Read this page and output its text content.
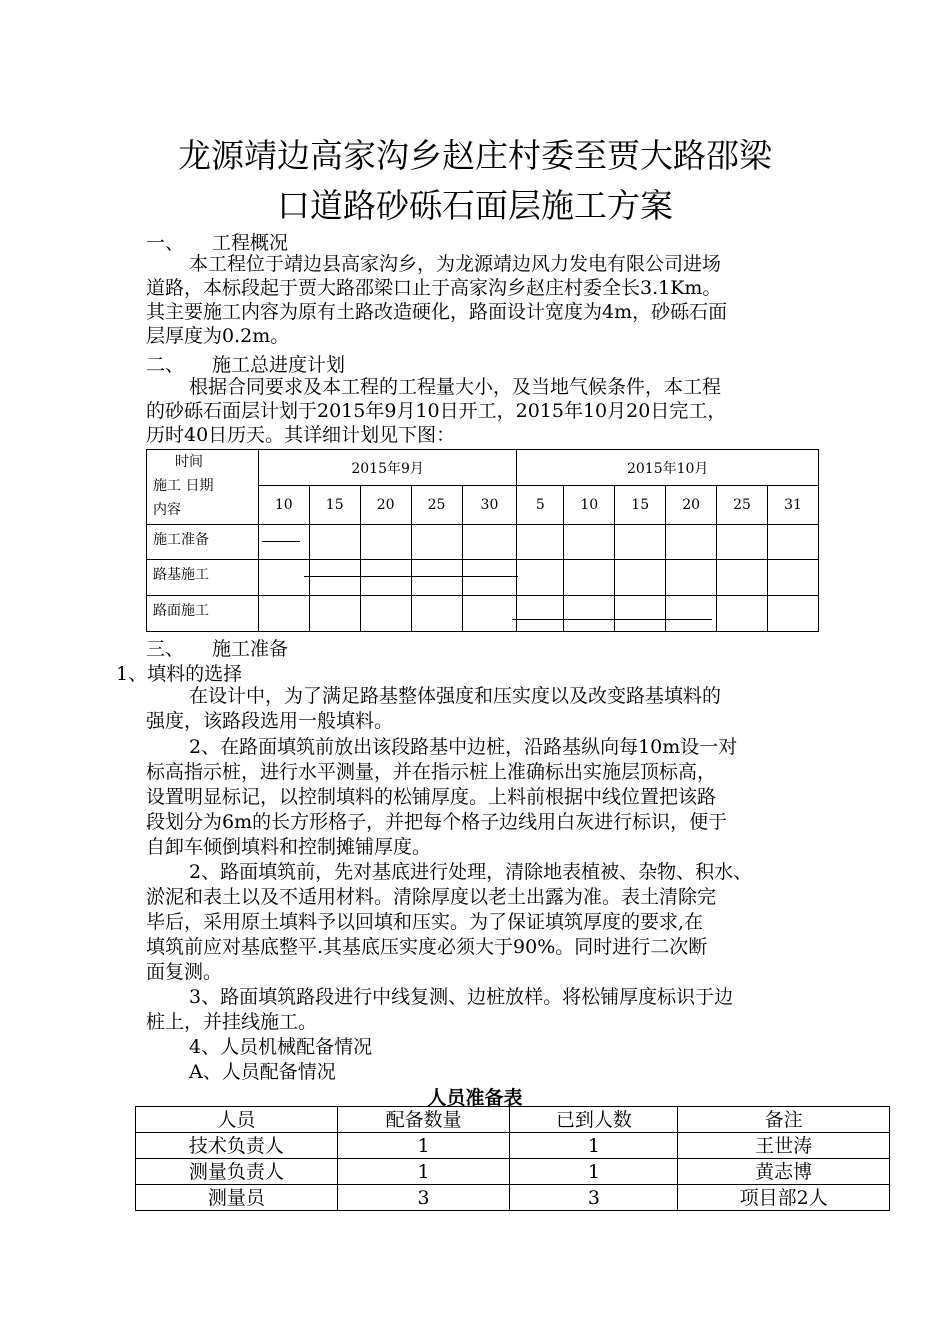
龙源靖边高家沟乡赵庄村委至贾大路邵梁
口道路砂砾石面层施工方案
一、 工程概况
本工程位于靖边县高家沟乡，为龙源靖边风力发电有限公司进场
道路，本标段起于贾大路邵梁口止于高家沟乡赵庄村委全长3.1Km。
其主要施工内容为原有土路改造硬化，路面设计宽度为4m，砂砾石面
层厚度为0.2m。
二、 施工总进度计划
根据合同要求及本工程的工程量大小，及当地气候条件，本工程
的砂砾石面层计划于2015年9月10日开工，2015年10月20日完工，
历时40日历天。其详细计划见下图：
时间
施工 日期
内容	2015年9月					2015年10月					
	10	15	20	25	30	5	10	15	20	25	31
施工准备											
路基施工											
路面施工											
三、 施工准备
1、填料的选择
在设计中，为了满足路基整体强度和压实度以及改变路基填料的
强度，该路段选用一般填料。
2、在路面填筑前放出该段路基中边桩，沿路基纵向每10m设一对
标高指示桩，进行水平测量，并在指示桩上准确标出实施层顶标高，
设置明显标记，以控制填料的松铺厚度。上料前根据中线位置把该路
段划分为6m的长方形格子，并把每个格子边线用白灰进行标识，便于
自卸车倾倒填料和控制摊铺厚度。
2、路面填筑前，先对基底进行处理，清除地表植被、杂物、积水、
淤泥和表土以及不适用材料。清除厚度以老土出露为准。表土清除完
毕后，采用原土填料予以回填和压实。为了保证填筑厚度的要求,在
填筑前应对基底整平.其基底压实度必须大于90%。同时进行二次断
面复测。
3、路面填筑路段进行中线复测、边桩放样。将松铺厚度标识于边
桩上，并挂线施工。
4、人员机械配备情况
A、人员配备情况
人员准备表
人员	配备数量	已到人数	备注
技术负责人	1	1	王世涛
测量负责人	1	1	黄志博
测量员	3	3	项目部2人
